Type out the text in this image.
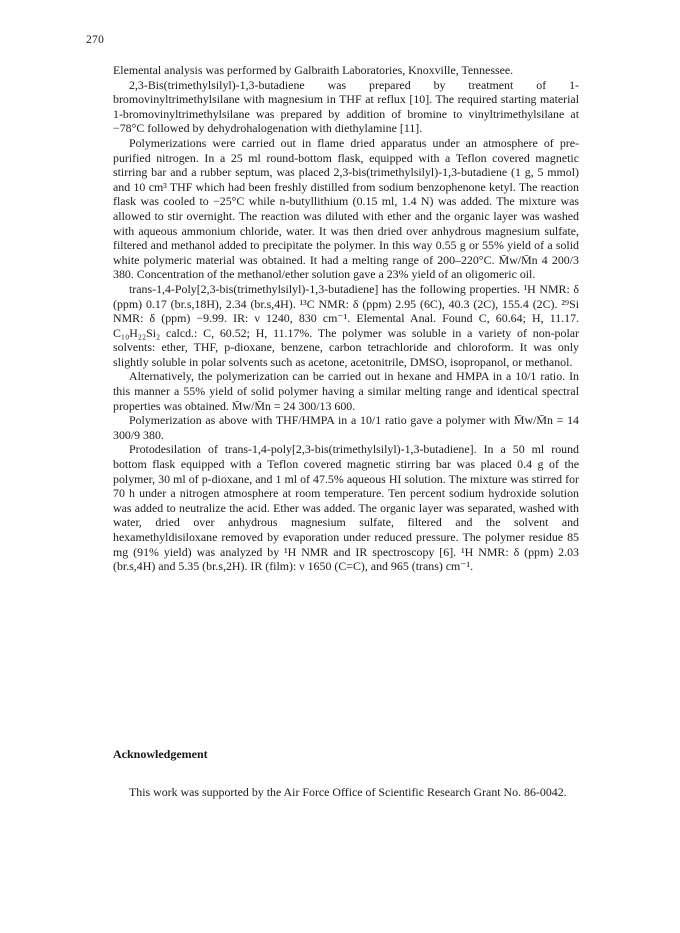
270

Elemental analysis was performed by Galbraith Laboratories, Knoxville, Tennessee.

2,3-Bis(trimethylsilyl)-1,3-butadiene was prepared by treatment of 1-bromovinyltrimethylsilane with magnesium in THF at reflux [10]. The required starting material 1-bromovinyltrimethylsilane was prepared by addition of bromine to vinyltrimethylsilane at −78°C followed by dehydrohalogenation with diethylamine [11].

Polymerizations were carried out in flame dried apparatus under an atmosphere of pre-purified nitrogen. In a 25 ml round-bottom flask, equipped with a Teflon covered magnetic stirring bar and a rubber septum, was placed 2,3-bis(trimethylsilyl)-1,3-butadiene (1 g, 5 mmol) and 10 cm³ THF which had been freshly distilled from sodium benzophenone ketyl. The reaction flask was cooled to −25°C while n-butyllithium (0.15 ml, 1.4 N) was added. The mixture was allowed to stir overnight. The reaction was diluted with ether and the organic layer was washed with aqueous ammonium chloride, water. It was then dried over anhydrous magnesium sulfate, filtered and methanol added to precipitate the polymer. In this way 0.55 g or 55% yield of a solid white polymeric material was obtained. It had a melting range of 200–220°C. M̄w/M̄n 4 200/3 380. Concentration of the methanol/ether solution gave a 23% yield of an oligomeric oil.

trans-1,4-Poly[2,3-bis(trimethylsilyl)-1,3-butadiene] has the following properties. ¹H NMR: δ (ppm) 0.17 (br.s,18H), 2.34 (br.s,4H). ¹³C NMR: δ (ppm) 2.95 (6C), 40.3 (2C), 155.4 (2C). ²⁹Si NMR: δ (ppm) −9.99. IR: ν 1240, 830 cm⁻¹. Elemental Anal. Found C, 60.64; H, 11.17. C₁₀H₂₂Si₂ calcd.: C, 60.52; H, 11.17%. The polymer was soluble in a variety of non-polar solvents: ether, THF, p-dioxane, benzene, carbon tetrachloride and chloroform. It was only slightly soluble in polar solvents such as acetone, acetonitrile, DMSO, isopropanol, or methanol.

Alternatively, the polymerization can be carried out in hexane and HMPA in a 10/1 ratio. In this manner a 55% yield of solid polymer having a similar melting range and identical spectral properties was obtained. M̄w/M̄n = 24 300/13 600.

Polymerization as above with THF/HMPA in a 10/1 ratio gave a polymer with M̄w/M̄n = 14 300/9 380.

Protodesilation of trans-1,4-poly[2,3-bis(trimethylsilyl)-1,3-butadiene]. In a 50 ml round bottom flask equipped with a Teflon covered magnetic stirring bar was placed 0.4 g of the polymer, 30 ml of p-dioxane, and 1 ml of 47.5% aqueous HI solution. The mixture was stirred for 70 h under a nitrogen atmosphere at room temperature. Ten percent sodium hydroxide solution was added to neutralize the acid. Ether was added. The organic layer was separated, washed with water, dried over anhydrous magnesium sulfate, filtered and the solvent and hexamethyldisiloxane removed by evaporation under reduced pressure. The polymer residue 85 mg (91% yield) was analyzed by ¹H NMR and IR spectroscopy [6]. ¹H NMR: δ (ppm) 2.03 (br.s,4H) and 5.35 (br.s,2H). IR (film): ν 1650 (C=C), and 965 (trans) cm⁻¹.

Acknowledgement

This work was supported by the Air Force Office of Scientific Research Grant No. 86-0042.
